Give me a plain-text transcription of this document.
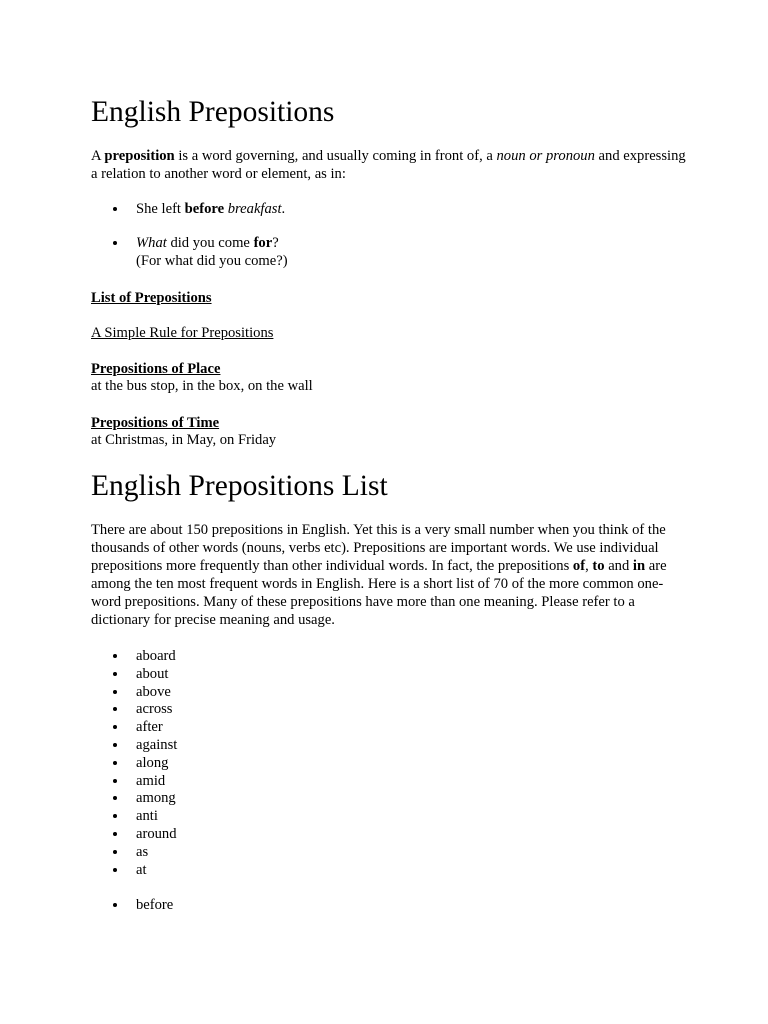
English Prepositions

A preposition is a word governing, and usually coming in front of, a noun or pronoun and expressing a relation to another word or element, as in:

She left before breakfast.
What did you come for?
(For what did you come?)

List of Prepositions

A Simple Rule for Prepositions

Prepositions of Place

at the bus stop, in the box, on the wall

Prepositions of Time

at Christmas, in May, on Friday

English Prepositions List

There are about 150 prepositions in English. Yet this is a very small number when you think of the thousands of other words (nouns, verbs etc). Prepositions are important words. We use individual prepositions more frequently than other individual words. In fact, the prepositions of, to and in are among the ten most frequent words in English. Here is a short list of 70 of the more common one-word prepositions. Many of these prepositions have more than one meaning. Please refer to a dictionary for precise meaning and usage.

aboard
about
above
across
after
against
along
amid
among
anti
around
as
at
before
